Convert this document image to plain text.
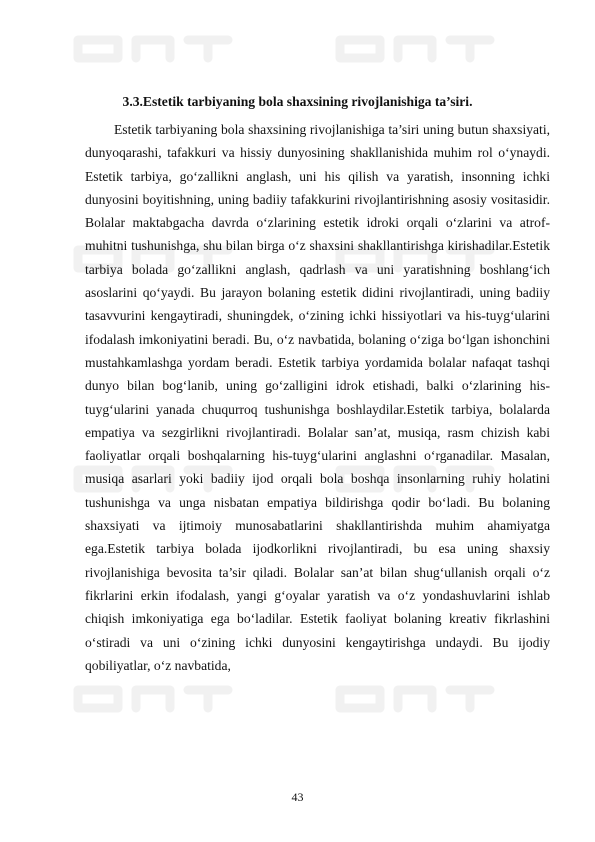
3.3.Estetik tarbiyaning bola shaxsining rivojlanishiga ta’siri.

Estetik tarbiyaning bola shaxsining rivojlanishiga ta’siri uning butun shaxsiyati, dunyoqarashi, tafakkuri va hissiy dunyosining shakllanishida muhim rol o‘ynaydi. Estetik tarbiya, go‘zallikni anglash, uni his qilish va yaratish, insonning ichki dunyosini boyitishning, uning badiiy tafakkurini rivojlantirishning asosiy vositasidir. Bolalar maktabgacha davrda o‘zlarining estetik idroki orqali o‘zlarini va atrof-muhitni tushunishga, shu bilan birga o‘z shaxsini shakllantirishga kirishadilar.Estetik tarbiya bolada go‘zallikni anglash, qadrlash va uni yaratishning boshlang‘ich asoslarini qo‘yaydi. Bu jarayon bolaning estetik didini rivojlantiradi, uning badiiy tasavvurini kengaytiradi, shuningdek, o‘zining ichki hissiyotlari va his-tuyg‘ularini ifodalash imkoniyatini beradi. Bu, o‘z navbatida, bolaning o‘ziga bo‘lgan ishonchini mustahkamlashga yordam beradi. Estetik tarbiya yordamida bolalar nafaqat tashqi dunyo bilan bog‘lanib, uning go‘zalligini idrok etishadi, balki o‘zlarining his-tuyg‘ularini yanada chuqurroq tushunishga boshlaydilar.Estetik tarbiya, bolalarda empatiya va sezgirlikni rivojlantiradi. Bolalar san’at, musiqa, rasm chizish kabi faoliyatlar orqali boshqalarning his-tuyg‘ularini anglashni o‘rganadilar. Masalan, musiqa asarlari yoki badiiy ijod orqali bola boshqa insonlarning ruhiy holatini tushunishga va unga nisbatan empatiya bildirishga qodir bo‘ladi. Bu bolaning shaxsiyati va ijtimoiy munosabatlarini shakllantirishda muhim ahamiyatga ega.Estetik tarbiya bolada ijodkorlikni rivojlantiradi, bu esa uning shaxsiy rivojlanishiga bevosita ta’sir qiladi. Bolalar san’at bilan shug‘ullanish orqali o‘z fikrlarini erkin ifodalash, yangi g‘oyalar yaratish va o‘z yondashuvlarini ishlab chiqish imkoniyatiga ega bo‘ladilar. Estetik faoliyat bolaning kreativ fikrlashini o‘stiradi va uni o‘zining ichki dunyosini kengaytirishga undaydi. Bu ijodiy qobiliyatlar, o‘z navbatida,

43
